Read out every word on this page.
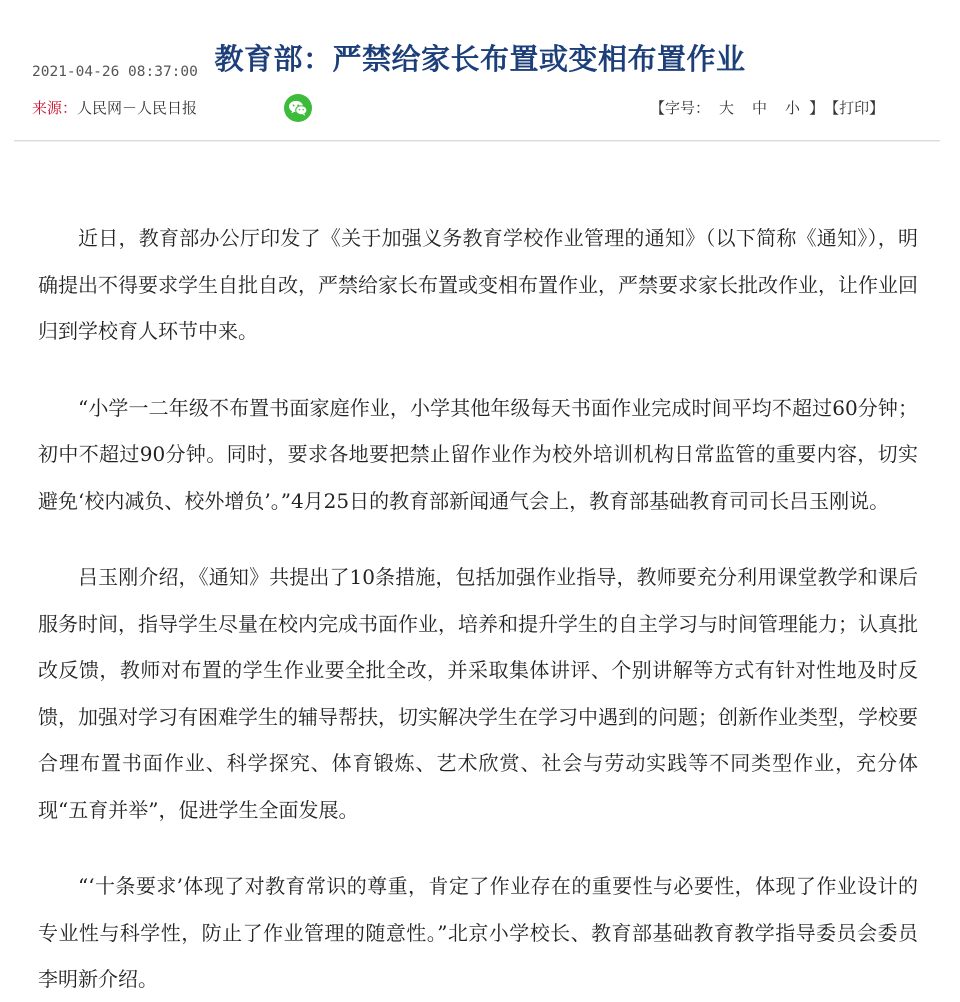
教育部：严禁给家长布置或变相布置作业
2021-04-26 08:37:00
来源：人民网－人民日报	【字号： 大 中 小 】【打印】

近日，教育部办公厅印发了《关于加强义务教育学校作业管理的通知》（以下简称《通知》），明确提出不得要求学生自批自改，严禁给家长布置或变相布置作业，严禁要求家长批改作业，让作业回归到学校育人环节中来。

“小学一二年级不布置书面家庭作业，小学其他年级每天书面作业完成时间平均不超过60分钟；初中不超过90分钟。同时，要求各地要把禁止留作业作为校外培训机构日常监管的重要内容，切实避免‘校内减负、校外增负’。”4月25日的教育部新闻通气会上，教育部基础教育司司长吕玉刚说。

吕玉刚介绍，《通知》共提出了10条措施，包括加强作业指导，教师要充分利用课堂教学和课后服务时间，指导学生尽量在校内完成书面作业，培养和提升学生的自主学习与时间管理能力；认真批改反馈，教师对布置的学生作业要全批全改，并采取集体讲评、个别讲解等方式有针对性地及时反馈，加强对学习有困难学生的辅导帮扶，切实解决学生在学习中遇到的问题；创新作业类型，学校要合理布置书面作业、科学探究、体育锻炼、艺术欣赏、社会与劳动实践等不同类型作业，充分体现“五育并举”，促进学生全面发展。

“‘十条要求’体现了对教育常识的尊重，肯定了作业存在的重要性与必要性，体现了作业设计的专业性与科学性，防止了作业管理的随意性。”北京小学校长、教育部基础教育教学指导委员会委员李明新介绍。
